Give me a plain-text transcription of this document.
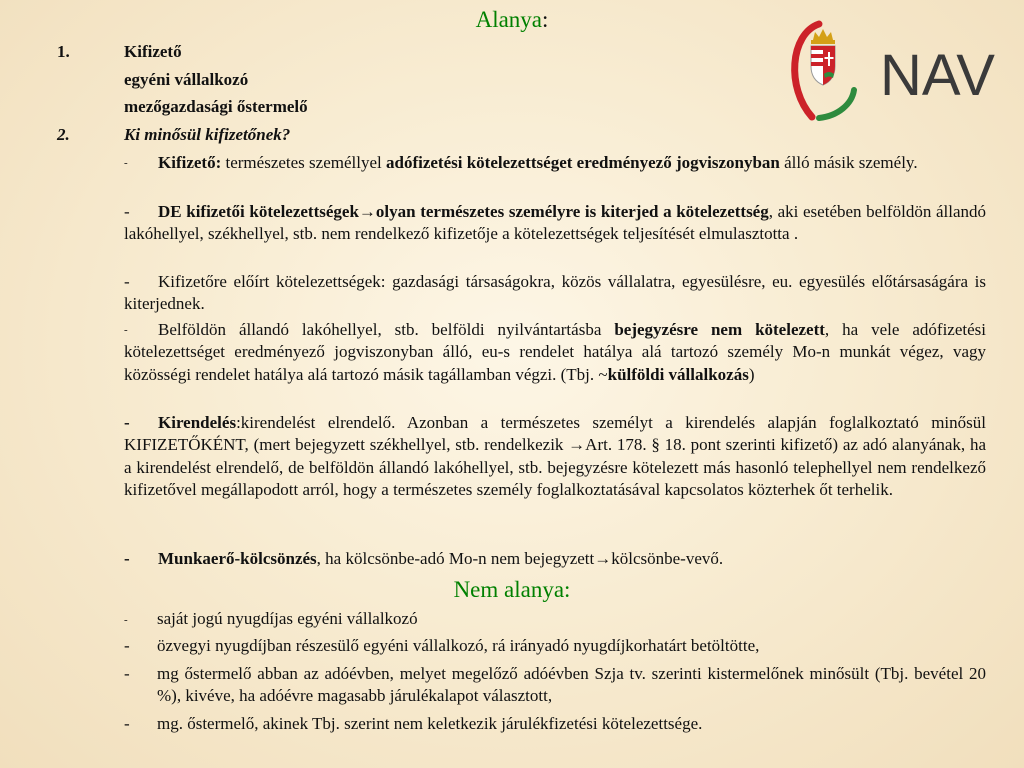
Alanya:
NAV
1.	Kifizető
egyéni vállalkozó
mezőgazdasági őstermelő
2.	Ki minősül kifizetőnek?
- Kifizető: természetes személlyel adófizetési kötelezettséget eredményező jogviszonyban álló másik személy.
- DE kifizetői kötelezettségek→olyan természetes személyre is kiterjed a kötelezettség, aki esetében belföldön állandó lakóhellyel, székhellyel, stb. nem rendelkező kifizetője a kötelezettségek teljesítését elmulasztotta .
- Kifizetőre előírt kötelezettségek: gazdasági társaságokra, közös vállalatra, egyesülésre, eu. egyesülés előtársaságára is kiterjednek.
- Belföldön állandó lakóhellyel, stb. belföldi nyilvántartásba bejegyzésre nem kötelezett, ha vele adófizetési kötelezettséget eredményező jogviszonyban álló, eu-s rendelet hatálya alá tartozó személy Mo-n munkát végez, vagy közösségi rendelet hatálya alá tartozó másik tagállamban végzi. (Tbj. ~külföldi vállalkozás)
- Kirendelés:kirendelést elrendelő. Azonban a természetes személyt a kirendelés alapján foglalkoztató minősül KIFIZETŐKÉNT, (mert bejegyzett székhellyel, stb. rendelkezik →Art. 178. § 18. pont szerinti kifizető) az adó alanyának, ha a kirendelést elrendelő, de belföldön állandó lakóhellyel, stb. bejegyzésre kötelezett más hasonló telephellyel nem rendelkező kifizetővel megállapodott arról, hogy a természetes személy foglalkoztatásával kapcsolatos közterhek őt terhelik.
- Munkaerő-kölcsönzés, ha kölcsönbe-adó Mo-n nem bejegyzett→kölcsönbe-vevő.
Nem alanya:
- saját jogú nyugdíjas egyéni vállalkozó
- özvegyi nyugdíjban részesülő egyéni vállalkozó, rá irányadó nyugdíjkorhatárt betöltötte,
- mg őstermelő abban az adóévben, melyet megelőző adóévben Szja tv. szerinti kistermelőnek minősült (Tbj. bevétel 20 %), kivéve, ha adóévre magasabb járulékalapot választott,
- mg. őstermelő, akinek Tbj. szerint nem keletkezik járulékfizetési kötelezettsége.
